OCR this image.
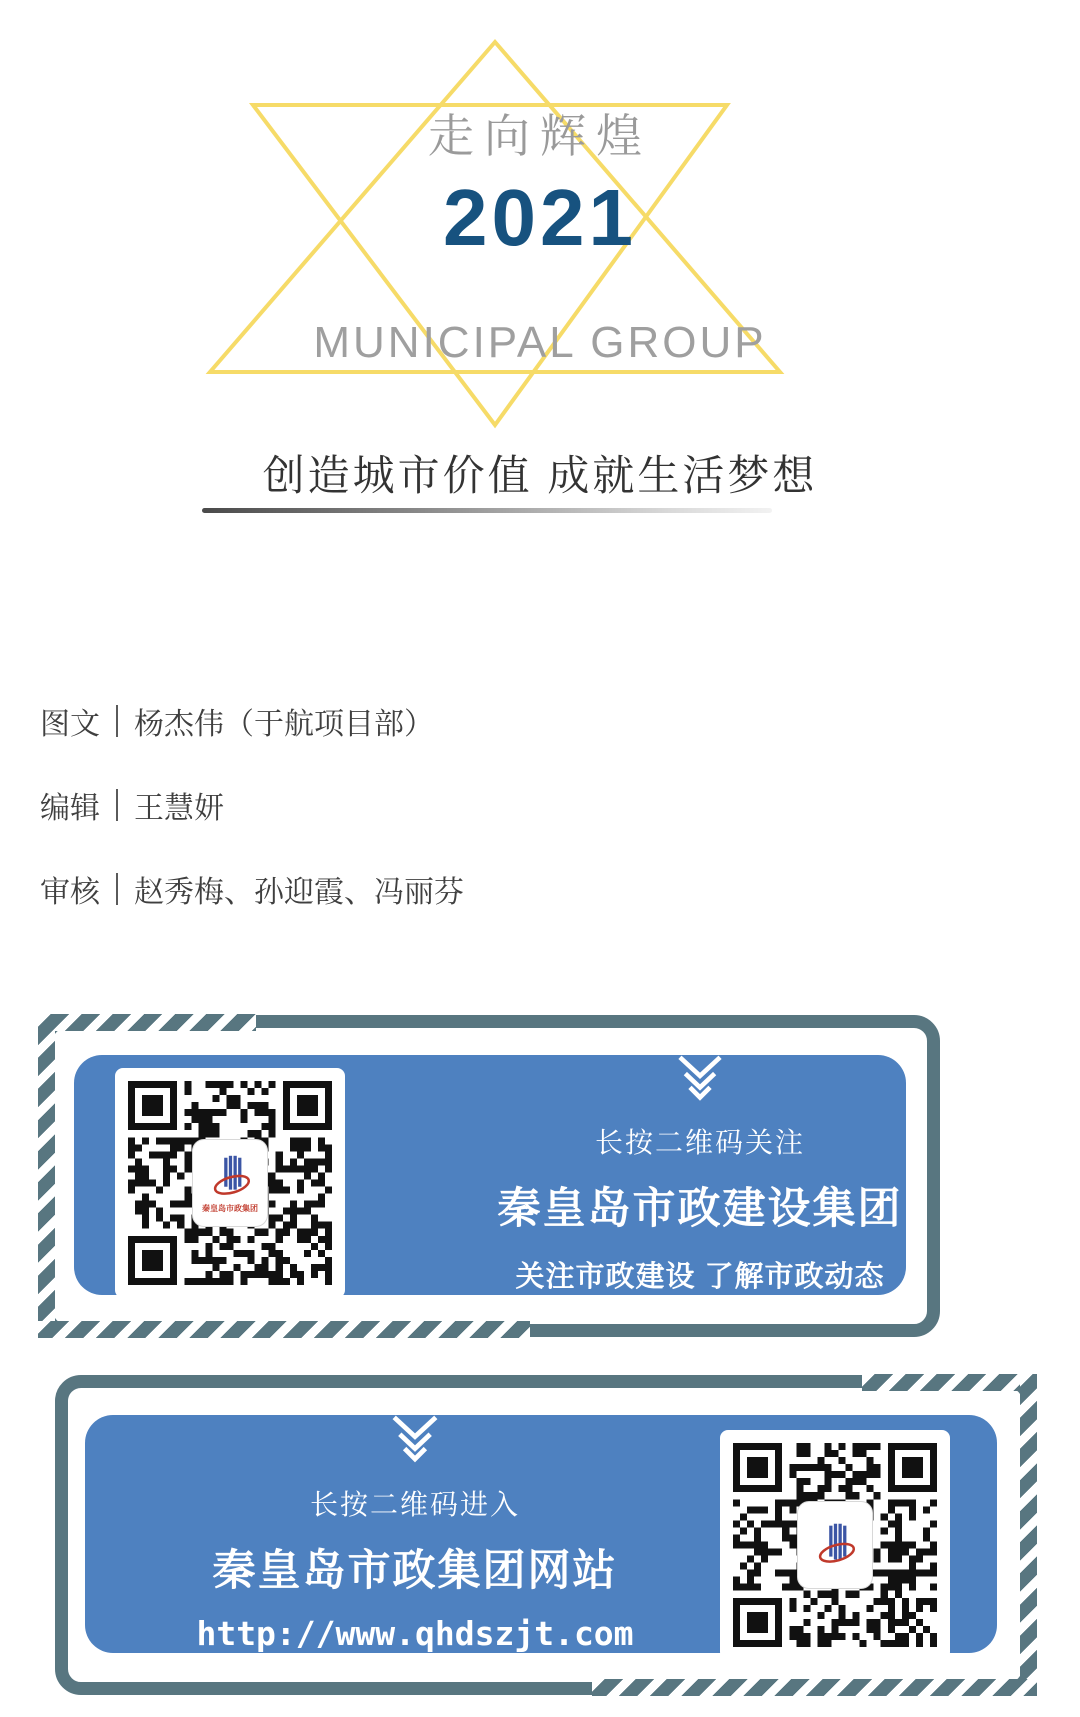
走向辉煌
2021
MUNICIPAL GROUP
创造城市价值 成就生活梦想
图文 杨杰伟（于航项目部）
编辑 王慧妍
审核 赵秀梅、孙迎霞、冯丽芬
秦皇岛市政集团
长按二维码关注
秦皇岛市政建设集团
关注市政建设 了解市政动态
长按二维码进入
秦皇岛市政集团网站
http://www.qhdszjt.com
